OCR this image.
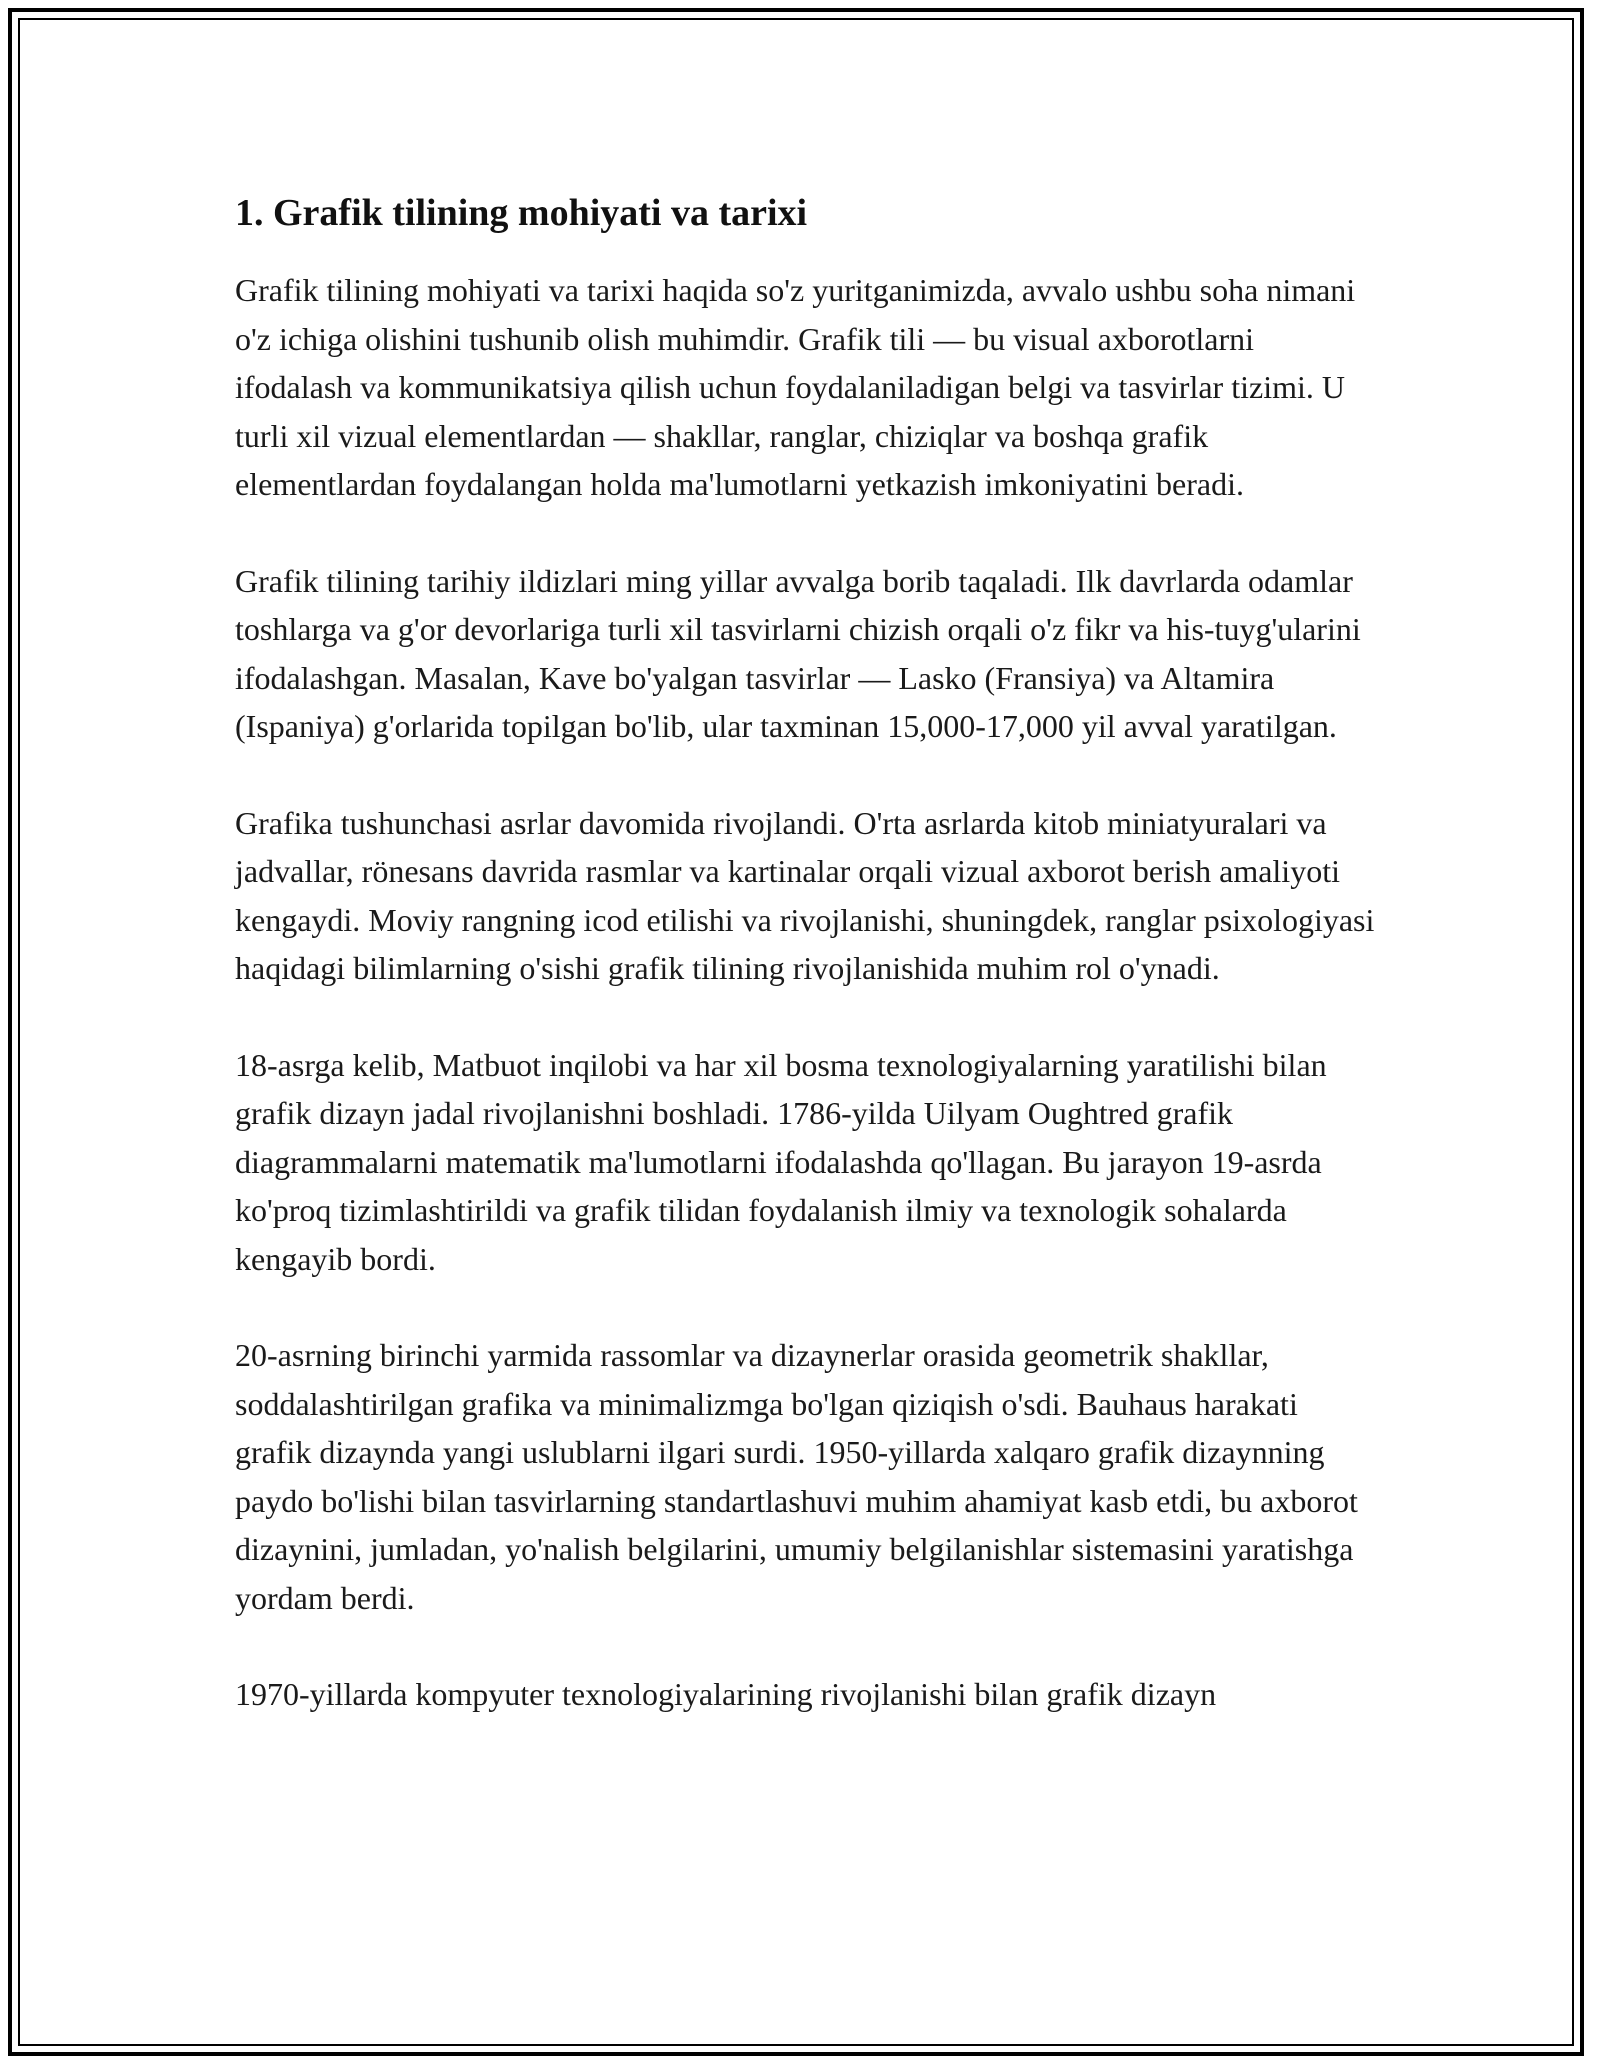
1. Grafik tilining mohiyati va tarixi

Grafik tilining mohiyati va tarixi haqida so'z yuritganimizda, avvalo ushbu soha nimani o'z ichiga olishini tushunib olish muhimdir. Grafik tili — bu visual axborotlarni ifodalash va kommunikatsiya qilish uchun foydalaniladigan belgi va tasvirlar tizimi. U turli xil vizual elementlardan — shakllar, ranglar, chiziqlar va boshqa grafik elementlardan foydalangan holda ma'lumotlarni yetkazish imkoniyatini beradi.

Grafik tilining tarihiy ildizlari ming yillar avvalga borib taqaladi. Ilk davrlarda odamlar toshlarga va g'or devorlariga turli xil tasvirlarni chizish orqali o'z fikr va his-tuyg'ularini ifodalashgan. Masalan, Kave bo'yalgan tasvirlar — Lasko (Fransiya) va Altamira (Ispaniya) g'orlarida topilgan bo'lib, ular taxminan 15,000-17,000 yil avval yaratilgan.

Grafika tushunchasi asrlar davomida rivojlandi. O'rta asrlarda kitob miniatyuralari va jadvallar, rönesans davrida rasmlar va kartinalar orqali vizual axborot berish amaliyoti kengaydi. Moviy rangning icod etilishi va rivojlanishi, shuningdek, ranglar psixologiyasi haqidagi bilimlarning o'sishi grafik tilining rivojlanishida muhim rol o'ynadi.

18-asrga kelib, Matbuot inqilobi va har xil bosma texnologiyalarning yaratilishi bilan grafik dizayn jadal rivojlanishni boshladi. 1786-yilda Uilyam Oughtred grafik diagrammalarni matematik ma'lumotlarni ifodalashda qo'llagan. Bu jarayon 19-asrda ko'proq tizimlashtirildi va grafik tilidan foydalanish ilmiy va texnologik sohalarda kengayib bordi.

20-asrning birinchi yarmida rassomlar va dizaynerlar orasida geometrik shakllar, soddalashtirilgan grafika va minimalizmga bo'lgan qiziqish o'sdi. Bauhaus harakati grafik dizaynda yangi uslublarni ilgari surdi. 1950-yillarda xalqaro grafik dizaynning paydo bo'lishi bilan tasvirlarning standartlashuvi muhim ahamiyat kasb etdi, bu axborot dizaynini, jumladan, yo'nalish belgilarini, umumiy belgilanishlar sistemasini yaratishga yordam berdi.

1970-yillarda kompyuter texnologiyalarining rivojlanishi bilan grafik dizayn
